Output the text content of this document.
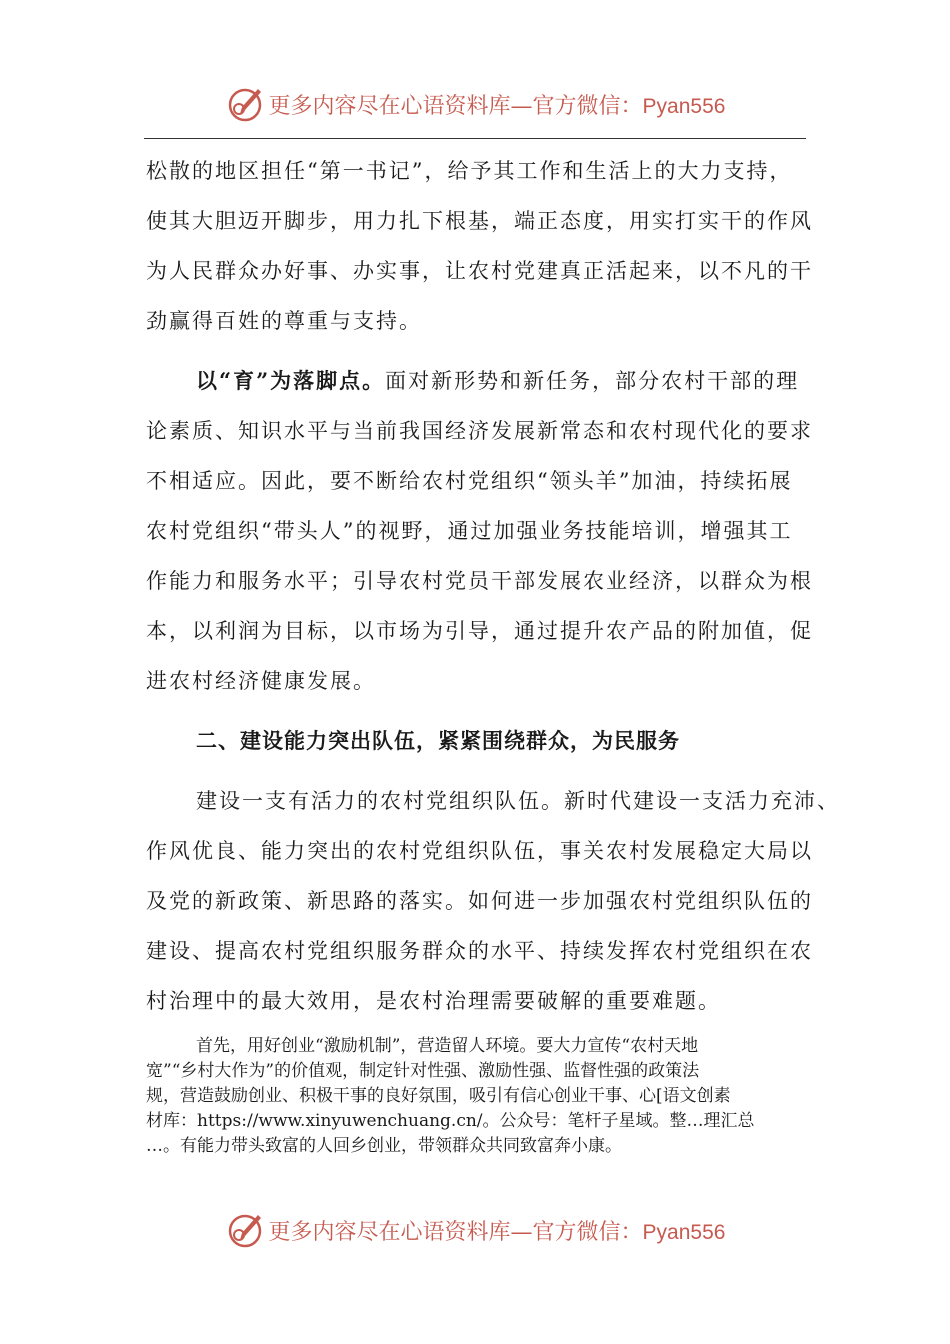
更多内容尽在心语资料库—官方微信：Pyan556
松散的地区担任“第一书记”，给予其工作和生活上的大力支持，
使其大胆迈开脚步，用力扎下根基，端正态度，用实打实干的作风
为人民群众办好事、办实事，让农村党建真正活起来，以不凡的干
劲赢得百姓的尊重与支持。
以“育”为落脚点。面对新形势和新任务，部分农村干部的理
论素质、知识水平与当前我国经济发展新常态和农村现代化的要求
不相适应。因此，要不断给农村党组织“领头羊”加油，持续拓展
农村党组织“带头人”的视野，通过加强业务技能培训，增强其工
作能力和服务水平；引导农村党员干部发展农业经济，以群众为根
本，以利润为目标，以市场为引导，通过提升农产品的附加值，促
进农村经济健康发展。
二、建设能力突出队伍，紧紧围绕群众，为民服务
建设一支有活力的农村党组织队伍。新时代建设一支活力充沛、
作风优良、能力突出的农村党组织队伍，事关农村发展稳定大局以
及党的新政策、新思路的落实。如何进一步加强农村党组织队伍的
建设、提高农村党组织服务群众的水平、持续发挥农村党组织在农
村治理中的最大效用，是农村治理需要破解的重要难题。
首先，用好创业“激励机制”，营造留人环境。要大力宣传“农村天地
宽”“乡村大作为”的价值观，制定针对性强、激励性强、监督性强的政策法
规，营造鼓励创业、积极干事的良好氛围，吸引有信心创业干事、心[语文创素
材库：https://www.xinyuwenchuang.cn/。公众号：笔杆子星域。整…理汇总
…。有能力带头致富的人回乡创业，带领群众共同致富奔小康。
更多内容尽在心语资料库—官方微信：Pyan556
